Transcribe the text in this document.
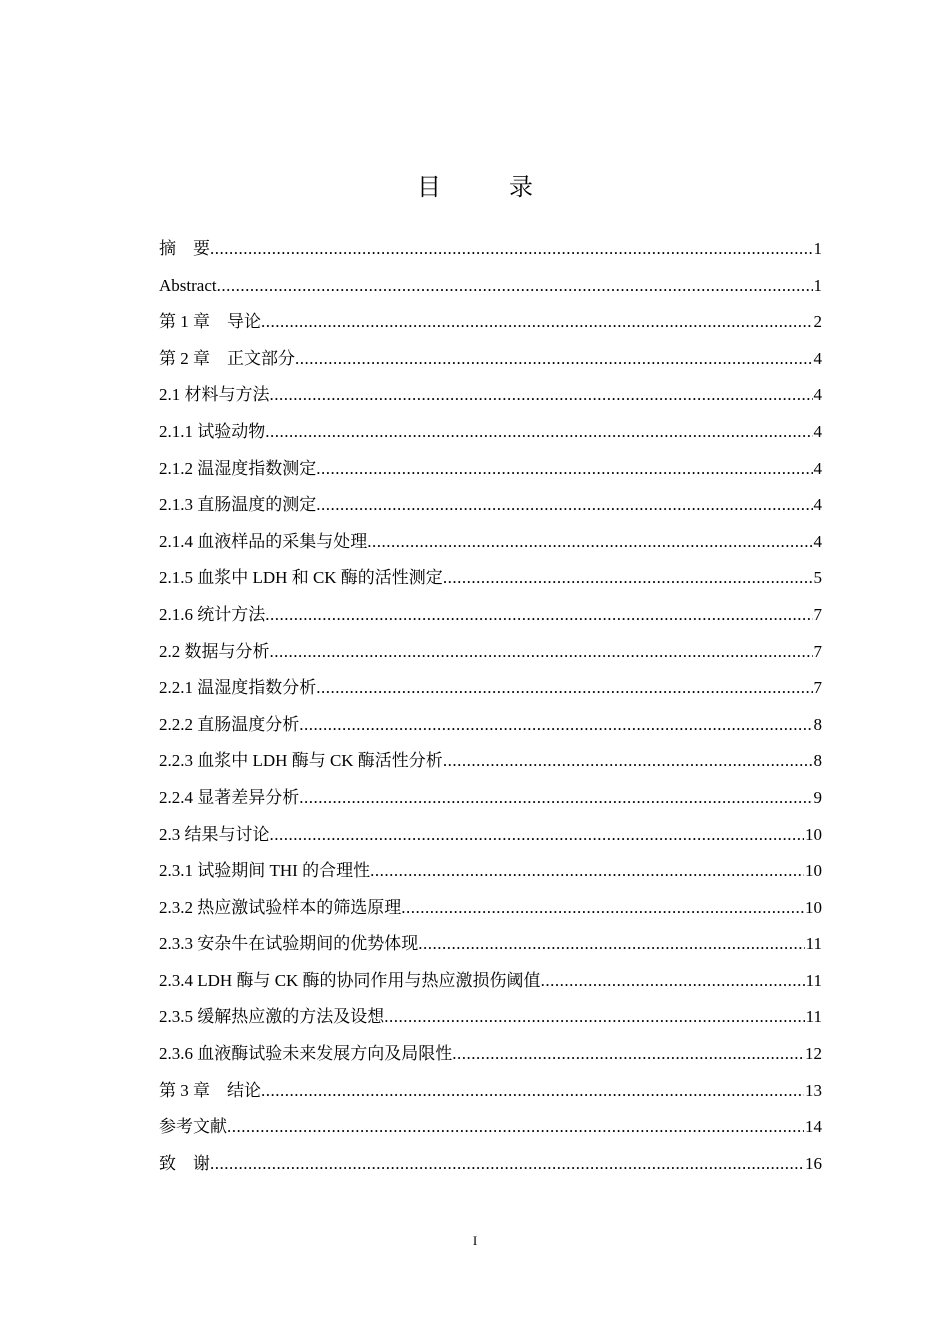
目　录
摘　要 .....	1
Abstract .....	1
第 1 章　导论 .....	2
第 2 章　正文部分 .....	4
2.1 材料与方法 .....	4
2.1.1 试验动物 .....	4
2.1.2 温湿度指数测定 .....	4
2.1.3 直肠温度的测定 .....	4
2.1.4 血液样品的采集与处理 .....	4
2.1.5 血浆中 LDH 和 CK 酶的活性测定 .....	5
2.1.6 统计方法 .....	7
2.2 数据与分析 .....	7
2.2.1 温湿度指数分析 .....	7
2.2.2 直肠温度分析 .....	8
2.2.3 血浆中 LDH 酶与 CK 酶活性分析 .....	8
2.2.4 显著差异分析 .....	9
2.3 结果与讨论 .....	10
2.3.1 试验期间 THI 的合理性 .....	10
2.3.2 热应激试验样本的筛选原理 .....	10
2.3.3 安杂牛在试验期间的优势体现 .....	11
2.3.4 LDH 酶与 CK 酶的协同作用与热应激损伤阈值 .....	11
2.3.5 缓解热应激的方法及设想 .....	11
2.3.6 血液酶试验未来发展方向及局限性 .....	12
第 3 章　结论 .....	13
参考文献 .....	14
致　谢 .....	16
I
